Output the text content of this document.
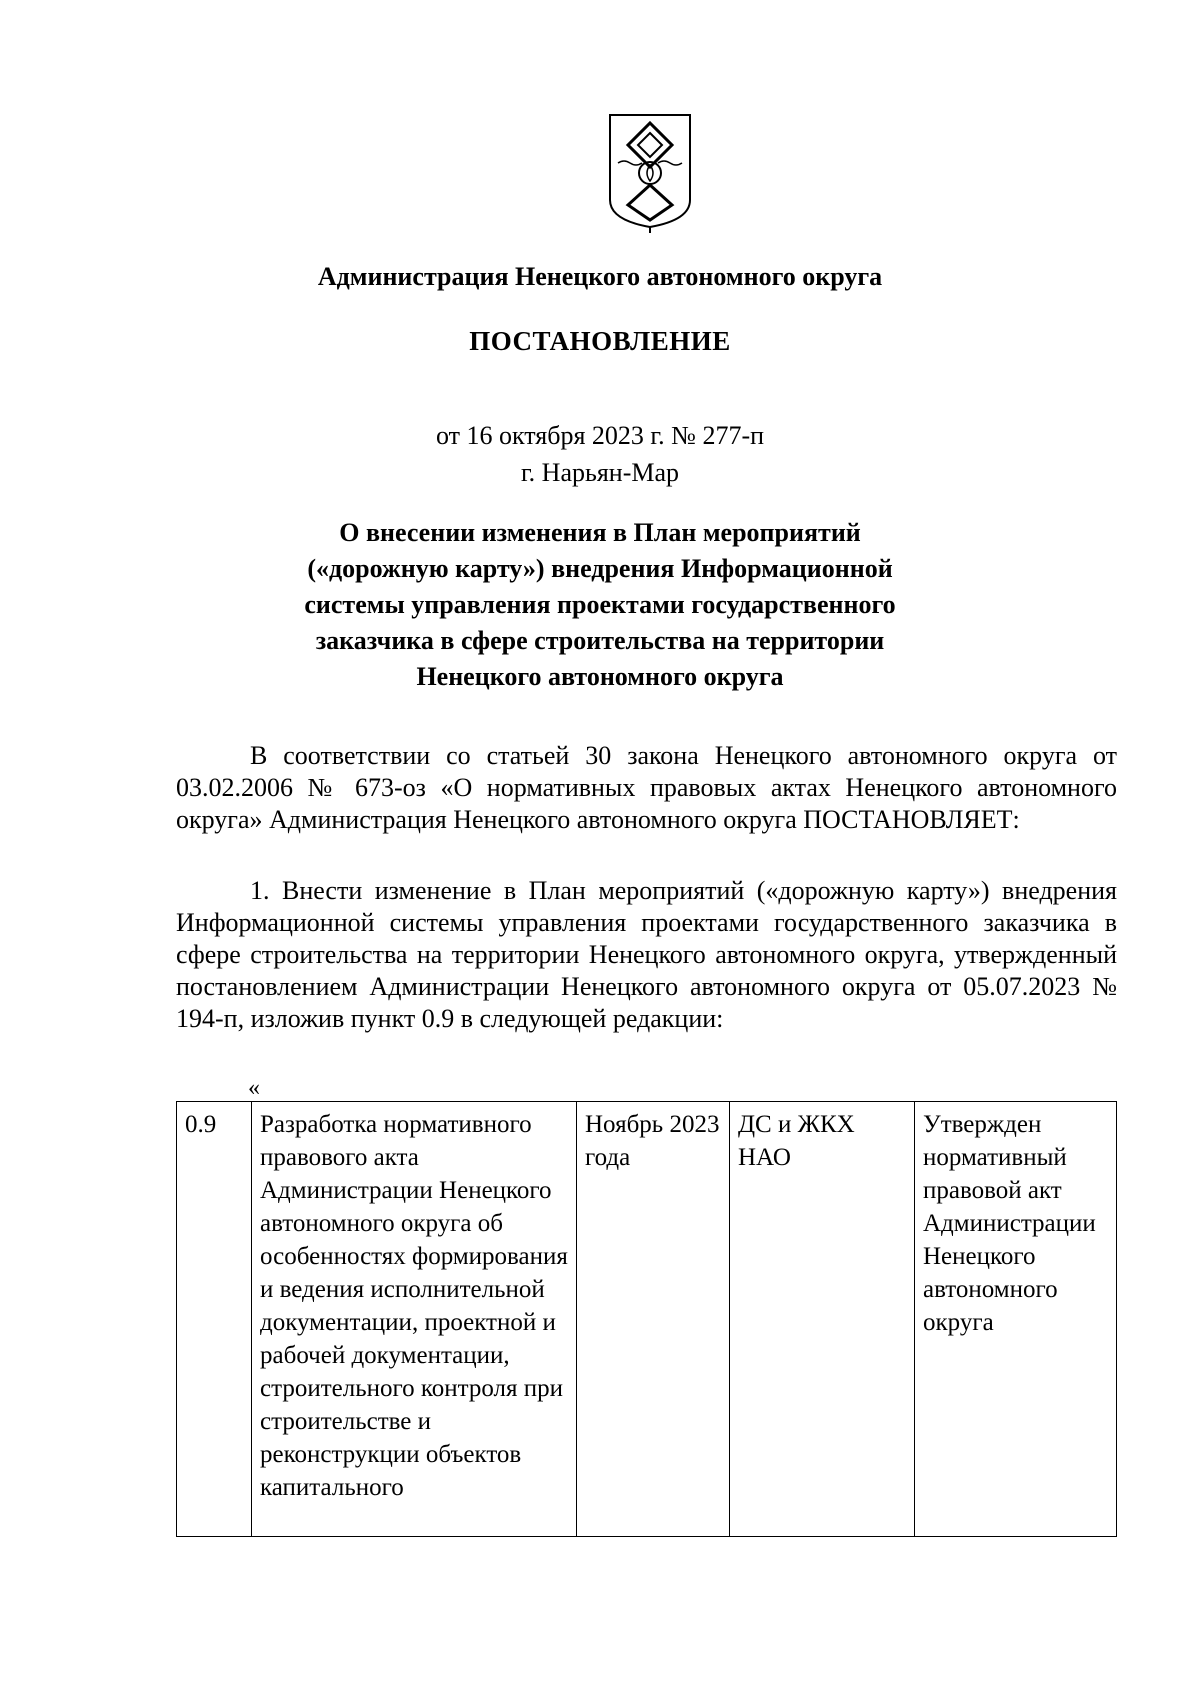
Администрация Ненецкого автономного округа
ПОСТАНОВЛЕНИЕ
от 16 октября 2023 г. № 277-п
г. Нарьян-Мар
О внесении изменения в План мероприятий
(«дорожную карту») внедрения Информационной
системы управления проектами государственного
заказчика в сфере строительства на территории
Ненецкого автономного округа
В соответствии со статьей 30 закона Ненецкого автономного округа от 03.02.2006 № 673-оз «О нормативных правовых актах Ненецкого автономного округа» Администрация Ненецкого автономного округа ПОСТАНОВЛЯЕТ:
1. Внести изменение в План мероприятий («дорожную карту») внедрения Информационной системы управления проектами государственного заказчика в сфере строительства на территории Ненецкого автономного округа, утвержденный постановлением Администрации Ненецкого автономного округа от 05.07.2023 № 194-п, изложив пункт 0.9 в следующей редакции:
«
0.9	Разработка нормативного правового акта Администрации Ненецкого автономного округа об особенностях формирования и ведения исполнительной документации, проектной и рабочей документации, строительного контроля при строительстве и реконструкции объектов капитального	Ноябрь 2023 года	ДС и ЖКХ НАО	Утвержден нормативный правовой акт Администрации Ненецкого автономного округа
